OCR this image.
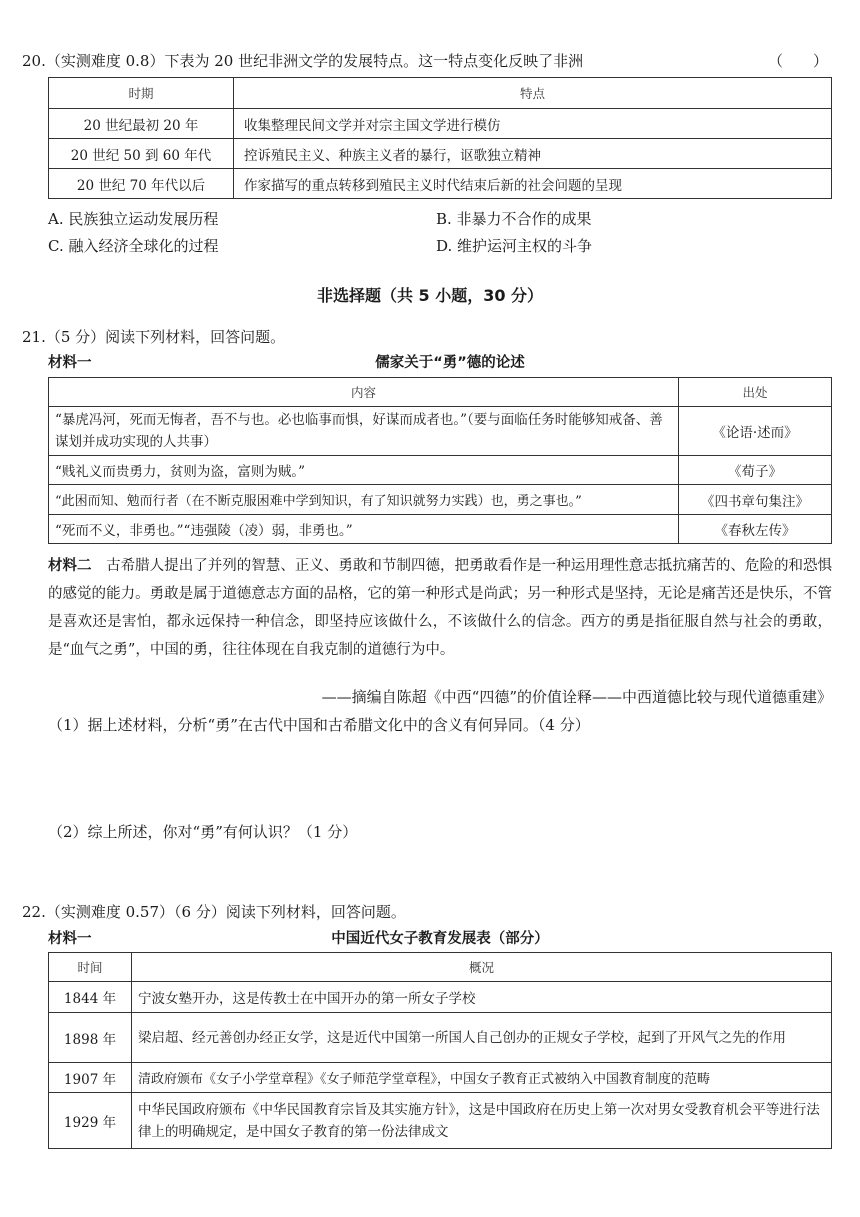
20.（实测难度 0.8）下表为 20 世纪非洲文学的发展特点。这一特点变化反映了非洲	（　　）
时期	特点
20 世纪最初 20 年	收集整理民间文学并对宗主国文学进行模仿
20 世纪 50 到 60 年代	控诉殖民主义、种族主义者的暴行，讴歌独立精神
20 世纪 70 年代以后	作家描写的重点转移到殖民主义时代结束后新的社会问题的呈现
A. 民族独立运动发展历程	B. 非暴力不合作的成果
C. 融入经济全球化的过程	D. 维护运河主权的斗争
非选择题（共 5 小题，30 分）
21.（5 分）阅读下列材料，回答问题。
材料一	儒家关于“勇”德的论述
内容	出处
“暴虎冯河，死而无悔者，吾不与也。必也临事而惧，好谋而成者也。”（要与面临任务时能够知戒备、善谋划并成功实现的人共事）	《论语·述而》
“贱礼义而贵勇力，贫则为盗，富则为贼。”	《荀子》
“此困而知、勉而行者（在不断克服困难中学到知识，有了知识就努力实践）也，勇之事也。”	《四书章句集注》
“死而不义，非勇也。”“违强陵（凌）弱，非勇也。”	《春秋左传》
材料二　 古希腊人提出了并列的智慧、正义、勇敢和节制四德，把勇敢看作是一种运用理性意志抵抗痛苦的、危险的和恐惧的感觉的能力。勇敢是属于道德意志方面的品格，它的第一种形式是尚武；另一种形式是坚持，无论是痛苦还是快乐，不管是喜欢还是害怕，都永远保持一种信念，即坚持应该做什么，不该做什么的信念。西方的勇是指征服自然与社会的勇敢，是“血气之勇”，中国的勇，往往体现在自我克制的道德行为中。
——摘编自陈超《中西“四德”的价值诠释——中西道德比较与现代道德重建》
（1）据上述材料，分析“勇”在古代中国和古希腊文化中的含义有何异同。（4 分）
（2）综上所述，你对“勇”有何认识？（1 分）
22.（实测难度 0.57）（6 分）阅读下列材料，回答问题。
材料一	中国近代女子教育发展表（部分）
时间	概况
1844 年	宁波女塾开办，这是传教士在中国开办的第一所女子学校
1898 年	梁启超、经元善创办经正女学，这是近代中国第一所国人自己创办的正规女子学校，起到了开风气之先的作用
1907 年	清政府颁布《女子小学堂章程》《女子师范学堂章程》，中国女子教育正式被纳入中国教育制度的范畴
1929 年	中华民国政府颁布《中华民国教育宗旨及其实施方针》，这是中国政府在历史上第一次对男女受教育机会平等进行法律上的明确规定，是中国女子教育的第一份法律成文
